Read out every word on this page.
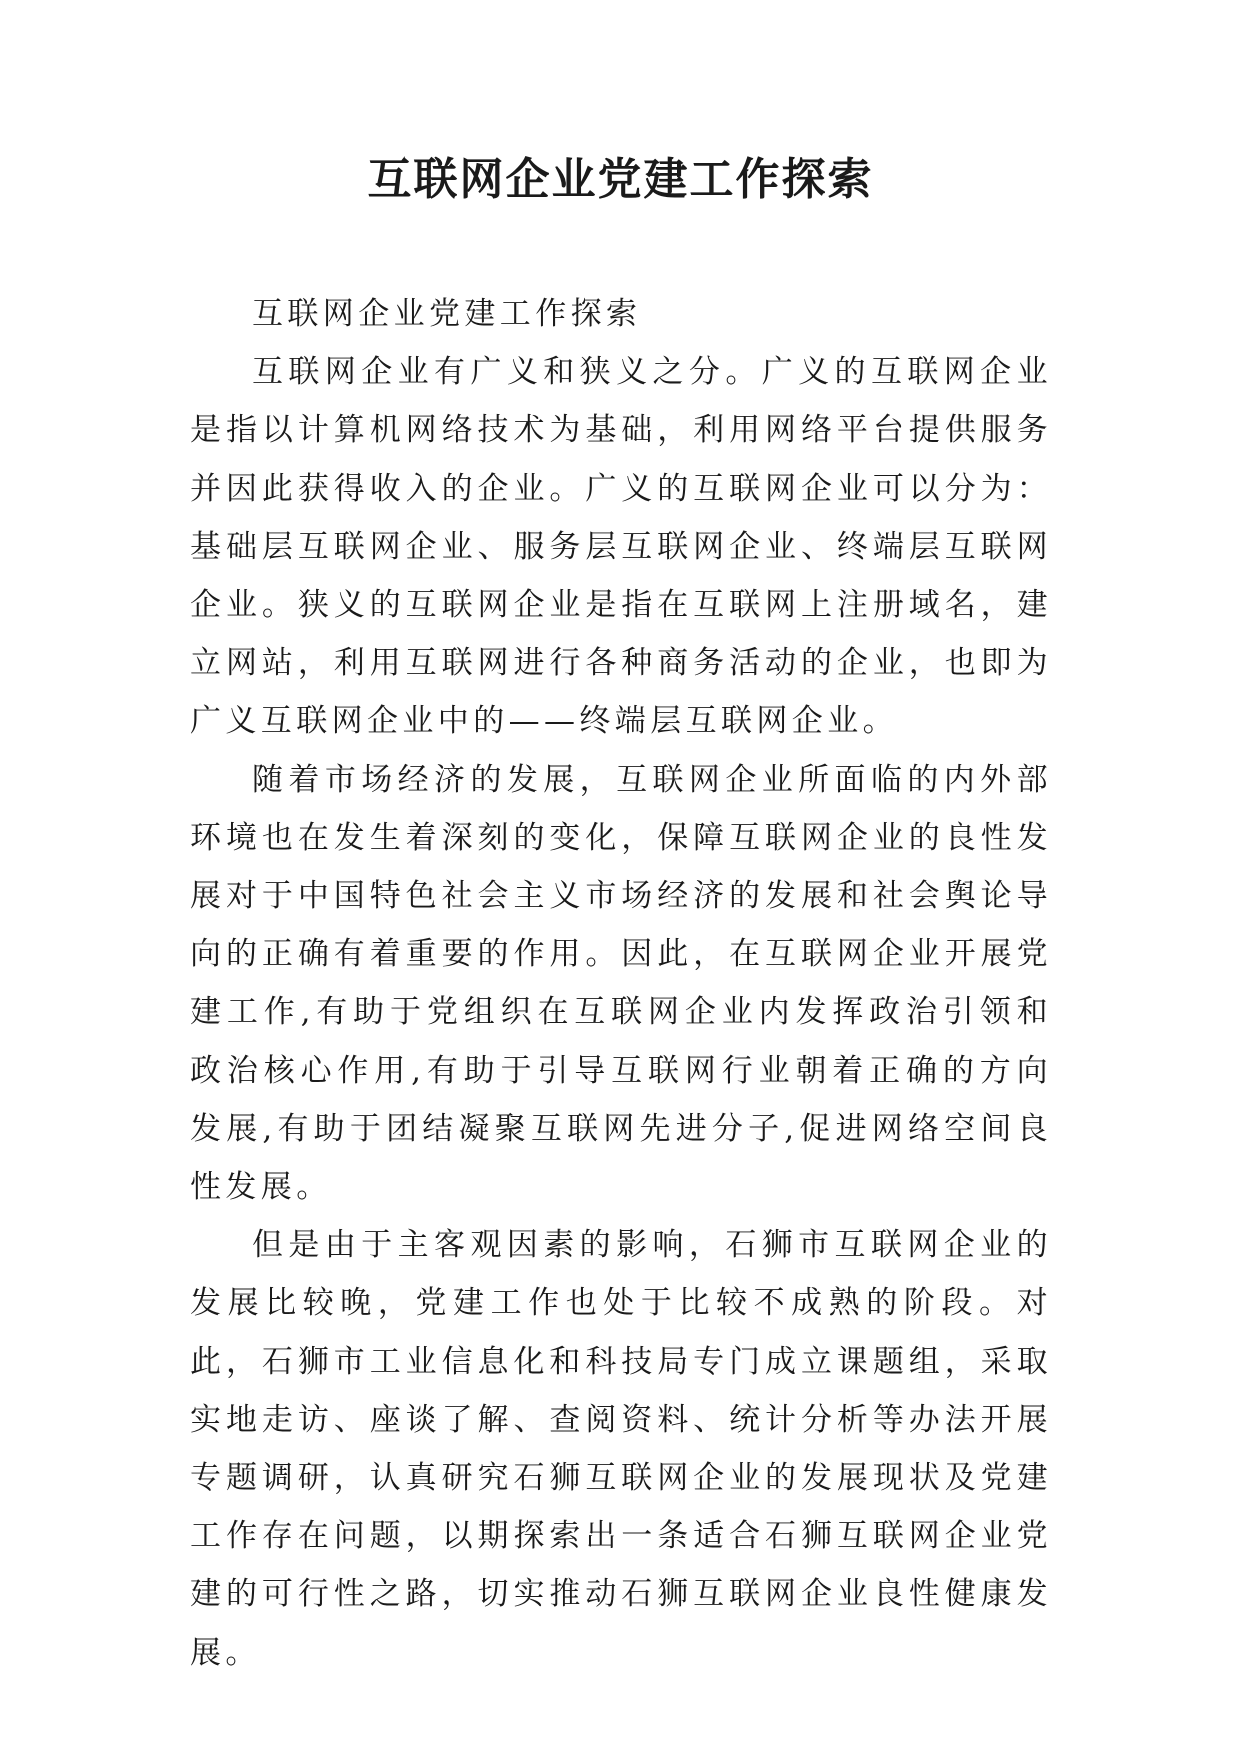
互联网企业党建工作探索

互联网企业党建工作探索

互联网企业有广义和狭义之分。广义的互联网企业是指以计算机网络技术为基础，利用网络平台提供服务并因此获得收入的企业。广义的互联网企业可以分为：基础层互联网企业、服务层互联网企业、终端层互联网企业。狭义的互联网企业是指在互联网上注册域名，建立网站，利用互联网进行各种商务活动的企业，也即为广义互联网企业中的——终端层互联网企业。

随着市场经济的发展，互联网企业所面临的内外部环境也在发生着深刻的变化，保障互联网企业的良性发展对于中国特色社会主义市场经济的发展和社会舆论导向的正确有着重要的作用。因此，在互联网企业开展党建工作,有助于党组织在互联网企业内发挥政治引领和政治核心作用,有助于引导互联网行业朝着正确的方向发展,有助于团结凝聚互联网先进分子,促进网络空间良性发展。

但是由于主客观因素的影响，石狮市互联网企业的发展比较晚，党建工作也处于比较不成熟的阶段。对此，石狮市工业信息化和科技局专门成立课题组，采取实地走访、座谈了解、查阅资料、统计分析等办法开展专题调研，认真研究石狮互联网企业的发展现状及党建工作存在问题，以期探索出一条适合石狮互联网企业党建的可行性之路，切实推动石狮互联网企业良性健康发展。
